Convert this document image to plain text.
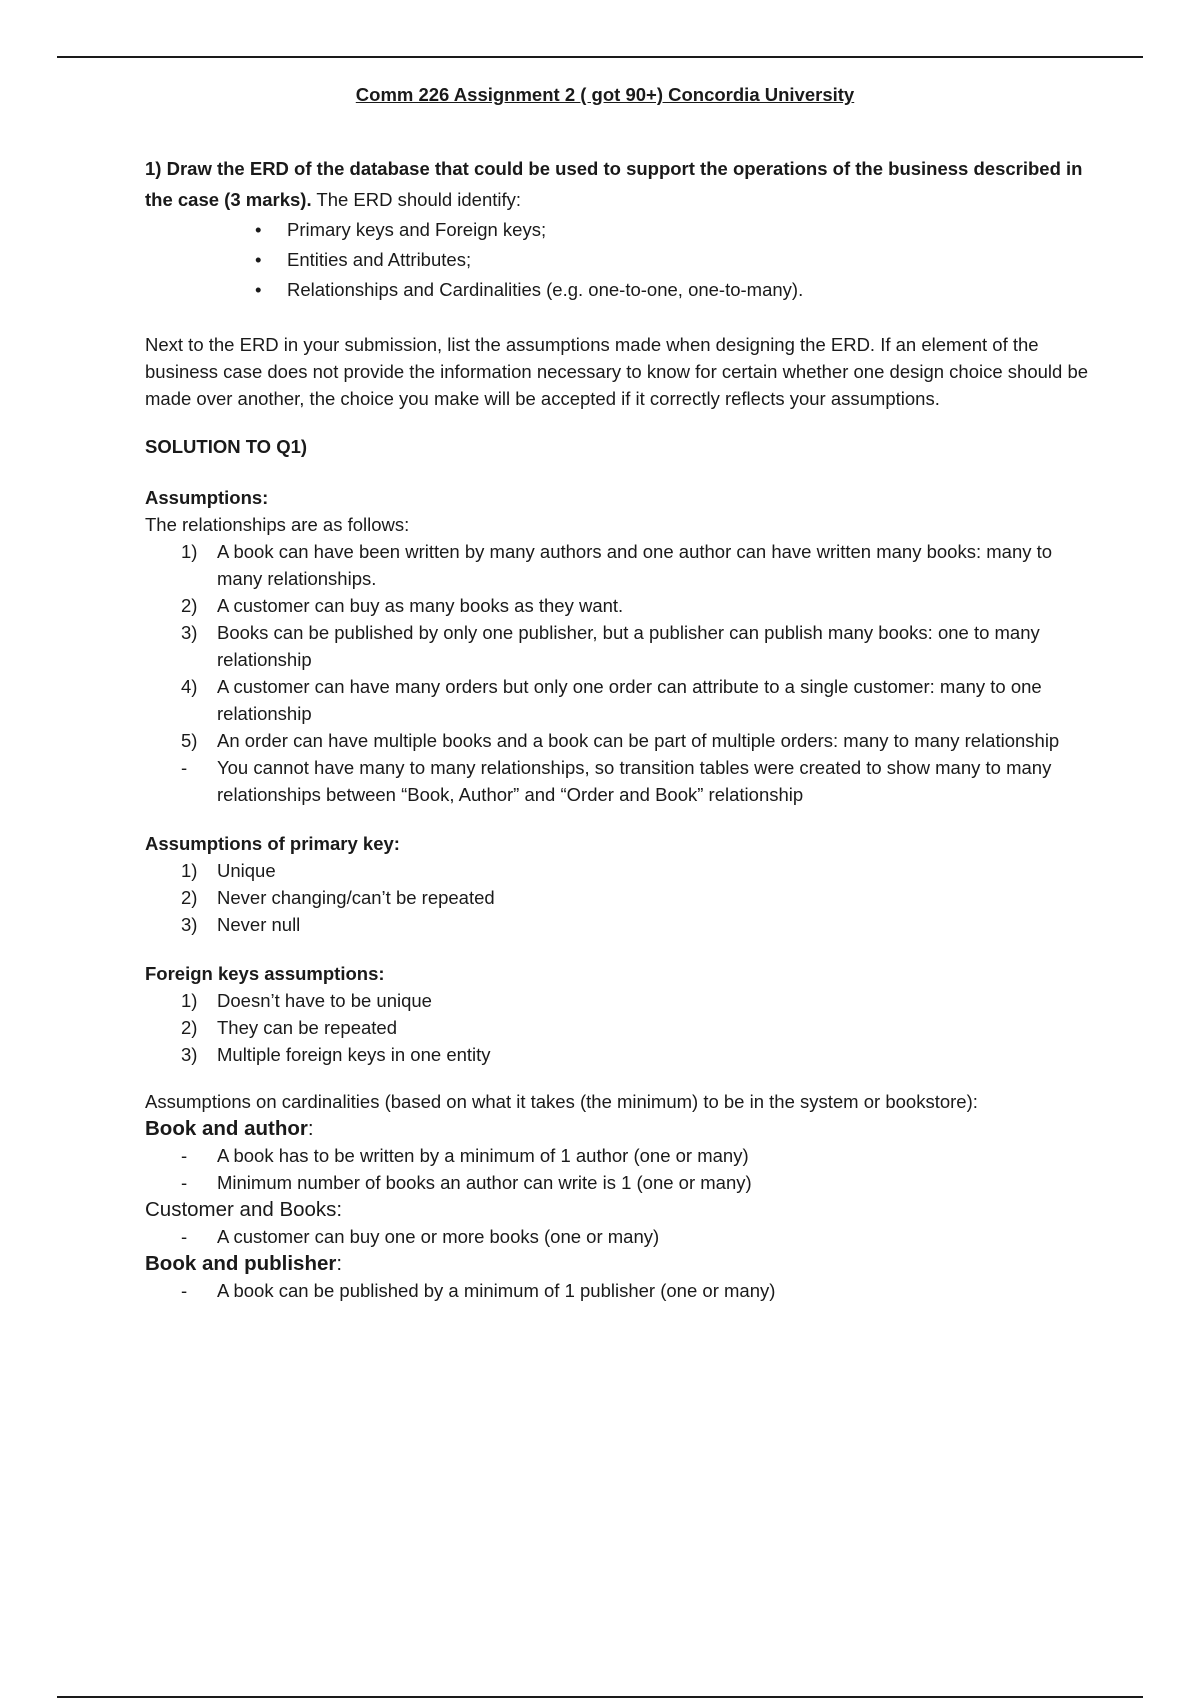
Comm 226 Assignment 2 ( got 90+) Concordia University
1) Draw the ERD of the database that could be used to support the operations of the business described in the case (3 marks). The ERD should identify:
• Primary keys and Foreign keys;
• Entities and Attributes;
• Relationships and Cardinalities (e.g. one-to-one, one-to-many).
Next to the ERD in your submission, list the assumptions made when designing the ERD. If an element of the business case does not provide the information necessary to know for certain whether one design choice should be made over another, the choice you make will be accepted if it correctly reflects your assumptions.
SOLUTION TO Q1)
Assumptions:
The relationships are as follows:
1) A book can have been written by many authors and one author can have written many books: many to many relationships.
2) A customer can buy as many books as they want.
3) Books can be published by only one publisher, but a publisher can publish many books: one to many relationship
4) A customer can have many orders but only one order can attribute to a single customer: many to one relationship
5) An order can have multiple books and a book can be part of multiple orders: many to many relationship
- You cannot have many to many relationships, so transition tables were created to show many to many relationships between “Book, Author” and “Order and Book” relationship
Assumptions of primary key:
1) Unique
2) Never changing/can’t be repeated
3) Never null
Foreign keys assumptions:
1) Doesn’t have to be unique
2) They can be repeated
3) Multiple foreign keys in one entity
Assumptions on cardinalities (based on what it takes (the minimum) to be in the system or bookstore):
Book and author:
- A book has to be written by a minimum of 1 author (one or many)
- Minimum number of books an author can write is 1 (one or many)
Customer and Books:
- A customer can buy one or more books (one or many)
Book and publisher:
- A book can be published by a minimum of 1 publisher (one or many)
